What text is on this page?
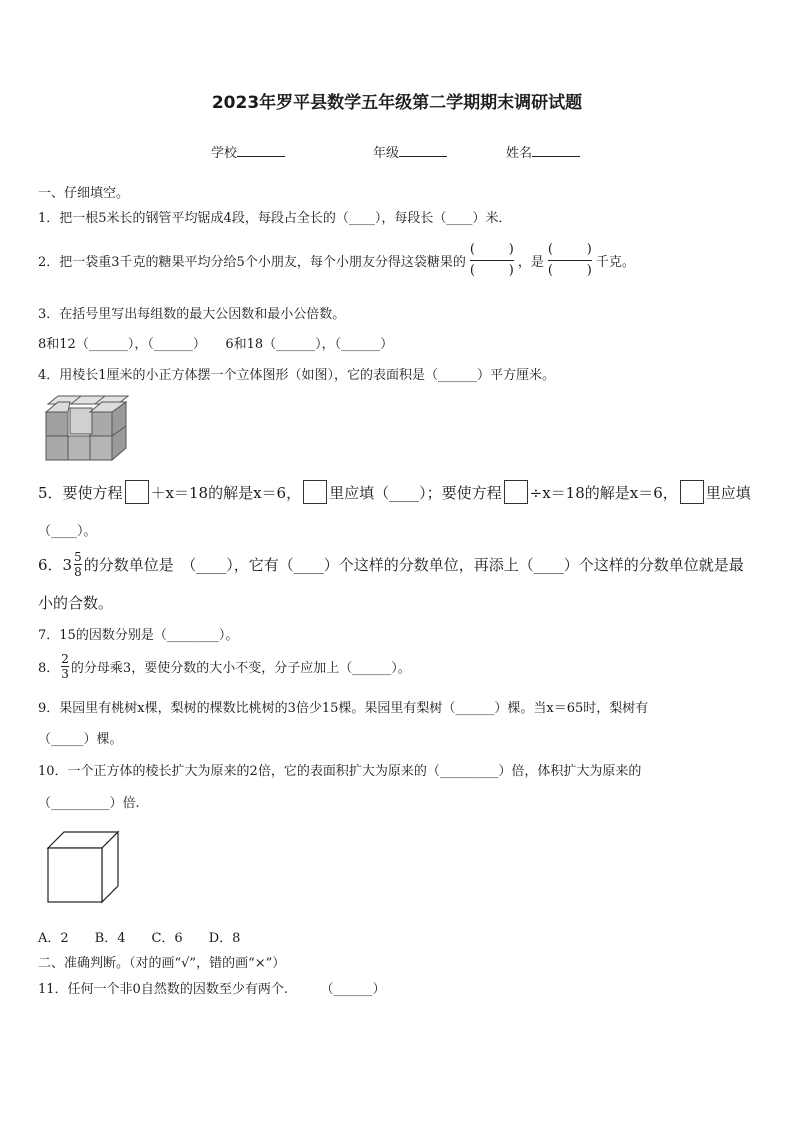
2023年罗平县数学五年级第二学期期末调研试题
学校	年级	姓名
一、仔细填空。
1．把一根5米长的钢管平均锯成4段，每段占全长的（____），每段长（____）米．
2．把一袋重3千克的糖果平均分给5个小朋友，每个小朋友分得这袋糖果的 (	)
(	) ，是 (	)
(	) 千克。
3．在括号里写出每组数的最大公因数和最小公倍数。
8和12（______），（______）　　6和18（______），（______）
4．用棱长1厘米的小正方体摆一个立体图形（如图），它的表面积是（______）平方厘米。
5．要使方程 ＋x＝18的解是x＝6， 里应填（____）；要使方程 ÷x＝18的解是x＝6， 里应填
（____）。
6．$3 \frac{5}{8}$ 的分数单位是　（____），它有（____）个这样的分数单位，再添上（____）个这样的分数单位就是最
小的合数。
7．15的因数分别是（________）。
8． $\frac{2}{3}$ 的分母乘3，要使分数的大小不变，分子应加上（______）。
9．果园里有桃树x棵，梨树的棵数比桃树的3倍少15棵。果园里有梨树（______）棵。当x＝65时，梨树有
（_____）棵。
10．一个正方体的棱长扩大为原来的2倍，它的表面积扩大为原来的（_________）倍，体积扩大为原来的
（_________）倍.
A．2　　B．4　　C．6　　D．8
二、准确判断。（对的画“√”，错的画“×”）
11．任何一个非0自然数的因数至少有两个.　　　（______）
